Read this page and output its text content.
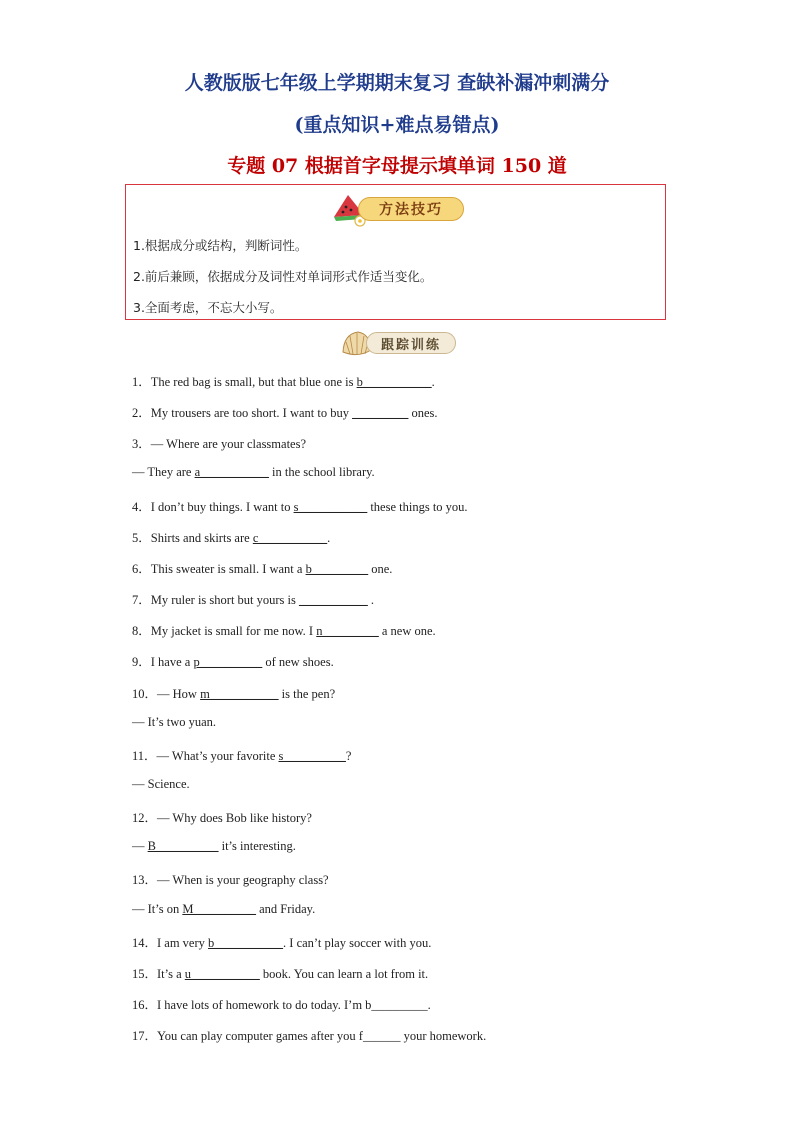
人教版版七年级上学期期末复习 查缺补漏冲刺满分
(重点知识+难点易错点)
专题 07 根据首字母提示填单词 150 道
方法技巧
1.根据成分或结构，判断词性。
2.前后兼顾，依据成分及词性对单词形式作适当变化。
3.全面考虑，不忘大小写。
跟踪训练
1．The red bag is small, but that blue one is b___________.
2．My trousers are too short. I want to buy _________ ones.
3．— Where are your classmates?
— They are a___________ in the school library.
4．I don’t buy things. I want to s___________ these things to you.
5．Shirts and skirts are c___________.
6．This sweater is small. I want a b_________ one.
7．My ruler is short but yours is ___________ .
8．My jacket is small for me now. I n_________ a new one.
9．I have a p__________ of new shoes.
10．— How m___________ is the pen?
— It’s two yuan.
11．— What’s your favorite s__________?
— Science.
12．— Why does Bob like history?
— B__________ it’s interesting.
13．— When is your geography class?
— It’s on M__________ and Friday.
14．I am very b___________. I can’t play soccer with you.
15．It’s a u___________ book. You can learn a lot from it.
16．I have lots of homework to do today. I’m b_________.
17．You can play computer games after you f______ your homework.
